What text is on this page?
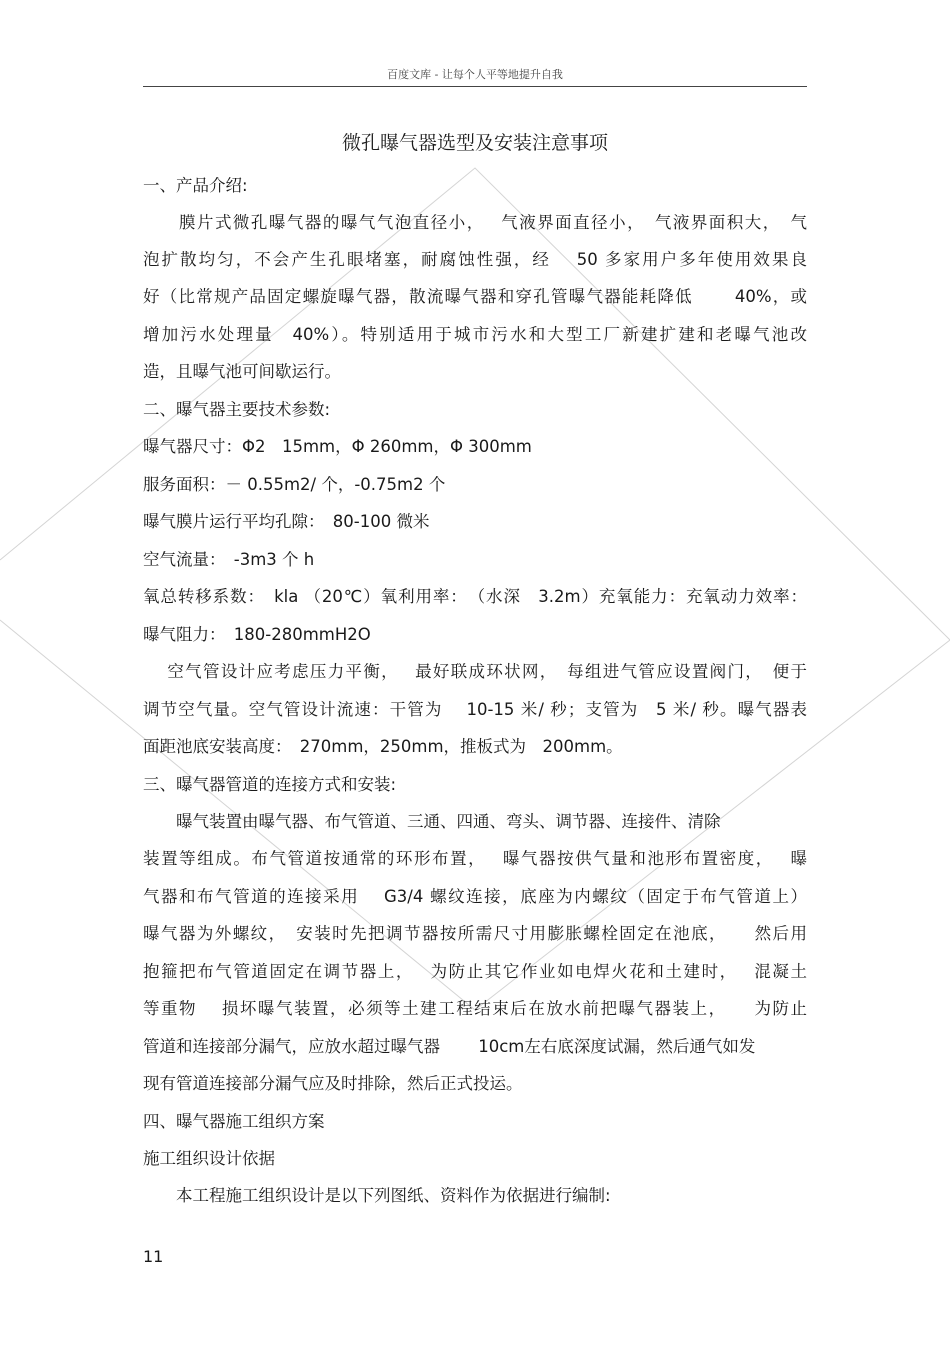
百度文库 - 让每个人平等地提升自我
微孔曝气器选型及安装注意事项
一、产品介绍:
　　膜片式微孔曝气器的曝气气泡直径小，　 气液界面直径小，　气液界面积大，　气
泡扩散均匀，不会产生孔眼堵塞，耐腐蚀性强，经　 50 多家用户多年使用效果良
好（比常规产品固定螺旋曝气器，散流曝气器和穿孔管曝气器能耗降低　　 40%，或
增加污水处理量　40%）。特别适用于城市污水和大型工厂新建扩建和老曝气池改
造，且曝气池可间歇运行。
二、曝气器主要技术参数:
曝气器尺寸：Φ2　15mm，Φ 260mm，Φ 300mm
服务面积：－ 0.55m2/ 个，-0.75m2 个
曝气膜片运行平均孔隙：　80-100 微米
空气流量：　-3m3 个 h
氧总转移系数：　kla （20℃）氧利用率：　（水深　3.2m）充氧能力：充氧动力效率：
曝气阻力：　180-280mmH2O
　 空气管设计应考虑压力平衡，　 最好联成环状网，　每组进气管应设置阀门，　便于
调节空气量。空气管设计流速：干管为　 10-15 米/ 秒；支管为　5 米/ 秒。曝气器表
面距池底安装高度：　270mm，250mm，推板式为　200mm。
三、曝气器管道的连接方式和安装:
　　曝气装置由曝气器、布气管道、三通、四通、弯头、调节器、连接件、清除
装置等组成。布气管道按通常的环形布置，　 曝气器按供气量和池形布置密度，　 曝
气器和布气管道的连接采用　 G3/4 螺纹连接，底座为内螺纹（固定于布气管道上）
曝气器为外螺纹，　安装时先把调节器按所需尺寸用膨胀螺栓固定在池底，　　然后用
抱箍把布气管道固定在调节器上，　 为防止其它作业如电焊火花和土建时，　 混凝土
等重物　 损坏曝气装置，必须等土建工程结束后在放水前把曝气器装上，　　为防止
管道和连接部分漏气，应放水超过曝气器　　 10cm左右底深度试漏，然后通气如发
现有管道连接部分漏气应及时排除，然后正式投运。
四、曝气器施工组织方案
施工组织设计依据
　　本工程施工组织设计是以下列图纸、资料作为依据进行编制:
11
